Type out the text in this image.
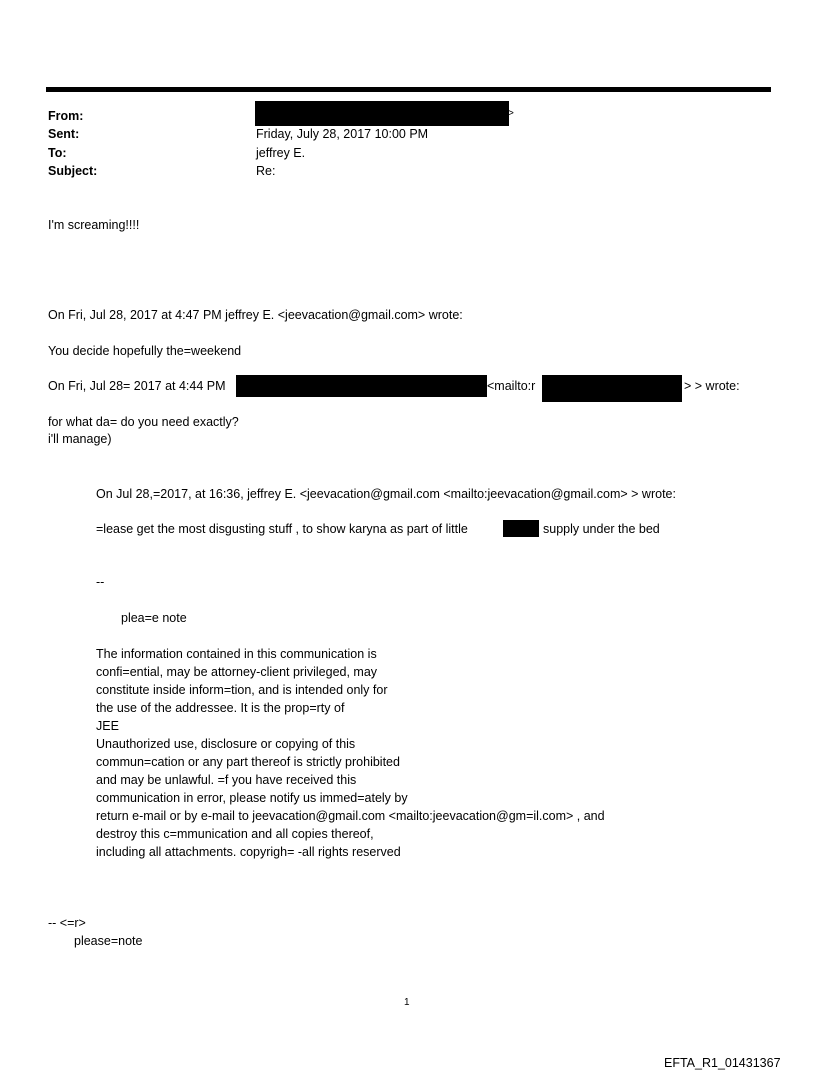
From:	>
Sent:	Friday, July 28, 2017 10:00 PM
To:	jeffrey E.
Subject:	Re:
I'm screaming!!!!
On Fri, Jul 28, 2017 at 4:47 PM jeffrey E. <jeevacation@gmail.com> wrote:
You decide hopefully the=weekend
On Fri, Jul 28= 2017 at 4:44 PM	<mailto:r	> > wrote:
for what da= do you need exactly?
i'll manage)
On Jul 28,=2017, at 16:36, jeffrey E. <jeevacation@gmail.com <mailto:jeevacation@gmail.com> > wrote:
=lease get the most disgusting stuff , to show karyna as part of little	supply under the bed
--
plea=e note
The information contained in this communication is
confi=ential, may be attorney-client privileged, may
constitute inside inform=tion, and is intended only for
the use of the addressee. It is the prop=rty of
JEE
Unauthorized use, disclosure or copying of this
commun=cation or any part thereof is strictly prohibited
and may be unlawful. =f you have received this
communication in error, please notify us immed=ately by
return e-mail or by e-mail to jeevacation@gmail.com <mailto:jeevacation@gm=il.com> , and
destroy this c=mmunication and all copies thereof,
including all attachments. copyrigh= -all rights reserved
-- <=r>
please=note
1
EFTA_R1_01431367
